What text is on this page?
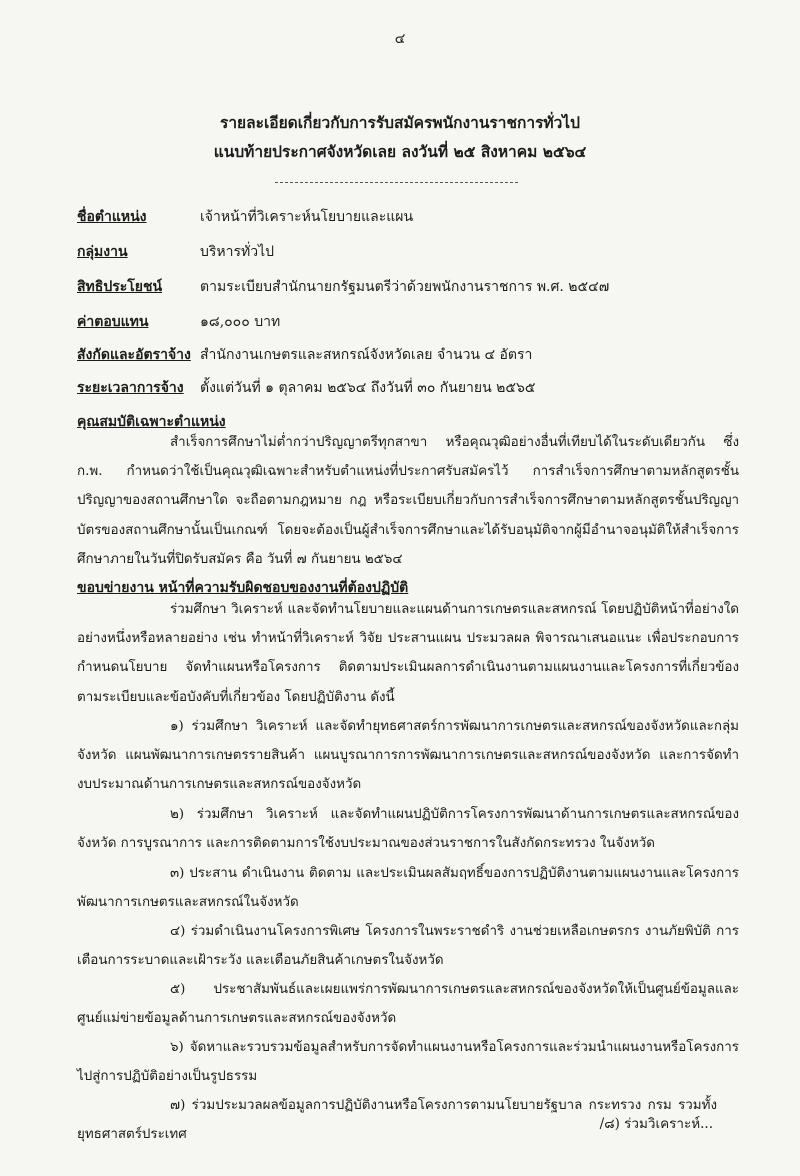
๔
รายละเอียดเกี่ยวกับการรับสมัครพนักงานราชการทั่วไป
แนบท้ายประกาศจังหวัดเลย ลงวันที่ ๒๕ สิงหาคม ๒๕๖๔
ชื่อตำแหน่ง	เจ้าหน้าที่วิเคราะห์นโยบายและแผน
กลุ่มงาน	บริหารทั่วไป
สิทธิประโยชน์	ตามระเบียบสำนักนายกรัฐมนตรีว่าด้วยพนักงานราชการ พ.ศ. ๒๕๔๗
ค่าตอบแทน	๑๘,๐๐๐ บาท
สังกัดและอัตราจ้าง สำนักงานเกษตรและสหกรณ์จังหวัดเลย จำนวน ๔ อัตรา
ระยะเวลาการจ้าง ตั้งแต่วันที่ ๑ ตุลาคม ๒๕๖๔ ถึงวันที่ ๓๐ กันยายน ๒๕๖๕
คุณสมบัติเฉพาะตำแหน่ง

สำเร็จการศึกษาไม่ต่ำกว่าปริญญาตรีทุกสาขา หรือคุณวุฒิอย่างอื่นที่เทียบได้ในระดับเดียวกัน ซึ่ง ก.พ. กำหนดว่าใช้เป็นคุณวุฒิเฉพาะสำหรับตำแหน่งที่ประกาศรับสมัครไว้ การสำเร็จการศึกษาตามหลักสูตรชั้นปริญญาของสถานศึกษาใด จะถือตามกฎหมาย กฎ หรือระเบียบเกี่ยวกับการสำเร็จการศึกษาตามหลักสูตรชั้นปริญญาบัตรของสถานศึกษานั้นเป็นเกณฑ์ โดยจะต้องเป็นผู้สำเร็จการศึกษาและได้รับอนุมัติจากผู้มีอำนาจอนุมัติให้สำเร็จการศึกษาภายในวันที่ปิดรับสมัคร คือ วันที่ ๗ กันยายน ๒๕๖๔

ขอบข่ายงาน หน้าที่ความรับผิดชอบของงานที่ต้องปฏิบัติ

ร่วมศึกษา วิเคราะห์ และจัดทำนโยบายและแผนด้านการเกษตรและสหกรณ์ โดยปฏิบัติหน้าที่อย่างใดอย่างหนึ่งหรือหลายอย่าง เช่น ทำหน้าที่วิเคราะห์ วิจัย ประสานแผน ประมวลผล พิจารณาเสนอแนะ เพื่อประกอบการกำหนดนโยบาย จัดทำแผนหรือโครงการ ติดตามประเมินผลการดำเนินงานตามแผนงานและโครงการที่เกี่ยวข้อง ตามระเบียบและข้อบังคับที่เกี่ยวข้อง โดยปฏิบัติงาน ดังนี้

๑) ร่วมศึกษา วิเคราะห์ และจัดทำยุทธศาสตร์การพัฒนาการเกษตรและสหกรณ์ของจังหวัดและกลุ่มจังหวัด แผนพัฒนาการเกษตรรายสินค้า แผนบูรณาการการพัฒนาการเกษตรและสหกรณ์ของจังหวัด และการจัดทำงบประมาณด้านการเกษตรและสหกรณ์ของจังหวัด

๒) ร่วมศึกษา วิเคราะห์ และจัดทำแผนปฏิบัติการโครงการพัฒนาด้านการเกษตรและสหกรณ์ของจังหวัด การบูรณาการ และการติดตามการใช้งบประมาณของส่วนราชการในสังกัดกระทรวง ในจังหวัด

๓) ประสาน ดำเนินงาน ติดตาม และประเมินผลสัมฤทธิ์ของการปฏิบัติงานตามแผนงานและโครงการพัฒนาการเกษตรและสหกรณ์ในจังหวัด

๔) ร่วมดำเนินงานโครงการพิเศษ โครงการในพระราชดำริ งานช่วยเหลือเกษตรกร งานภัยพิบัติ การเตือนการระบาดและเฝ้าระวัง และเตือนภัยสินค้าเกษตรในจังหวัด

๕) ประชาสัมพันธ์และเผยแพร่การพัฒนาการเกษตรและสหกรณ์ของจังหวัดให้เป็นศูนย์ข้อมูลและศูนย์แม่ข่ายข้อมูลด้านการเกษตรและสหกรณ์ของจังหวัด

๖) จัดหาและรวบรวมข้อมูลสำหรับการจัดทำแผนงานหรือโครงการและร่วมนำแผนงานหรือโครงการไปสู่การปฏิบัติอย่างเป็นรูปธรรม

๗) ร่วมประมวลผลข้อมูลการปฏิบัติงานหรือโครงการตามนโยบายรัฐบาล กระทรวง กรม รวมทั้งยุทธศาสตร์ประเทศ

/๘) ร่วมวิเคราะห์...
